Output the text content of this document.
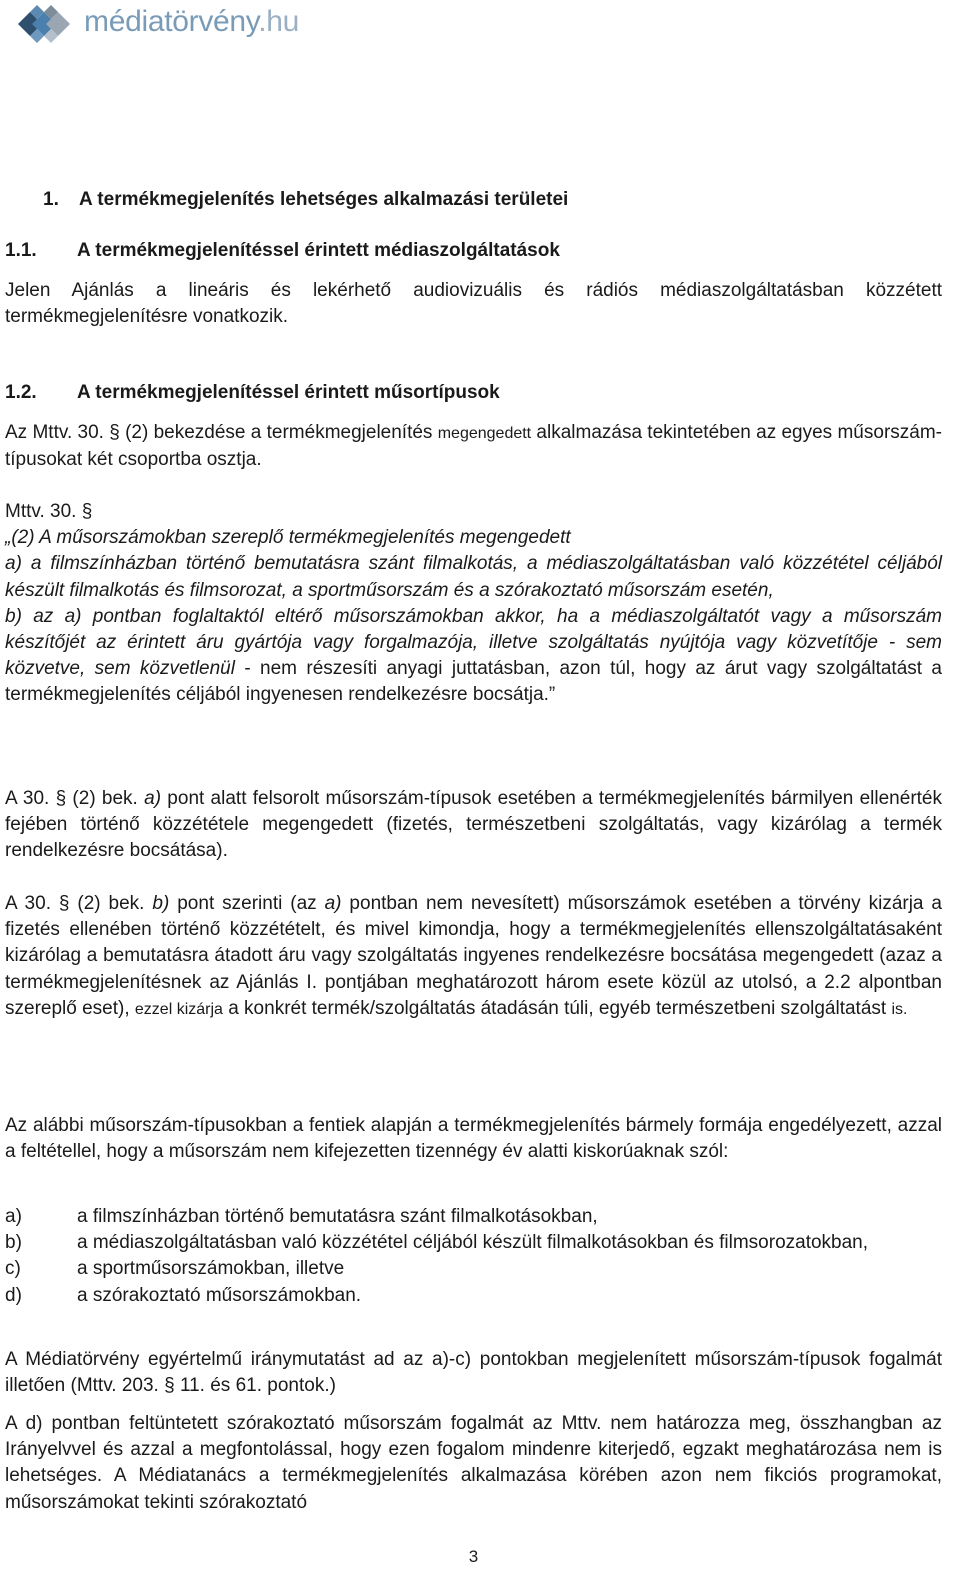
médiatörvény.hu
1. A termékmegjelenítés lehetséges alkalmazási területei
1.1. A termékmegjelenítéssel érintett médiaszolgáltatások

Jelen Ajánlás a lineáris és lekérhető audiovizuális és rádiós médiaszolgáltatásban közzétett termékmegjelenítésre vonatkozik.

1.2. A termékmegjelenítéssel érintett műsortípusok

Az Mttv. 30. § (2) bekezdése a termékmegjelenítés megengedett alkalmazása tekintetében az egyes műsorszám-típusokat két csoportba osztja.

Mttv. 30. §

„(2) A műsorszámokban szereplő termékmegjelenítés megengedett

a) a filmszínházban történő bemutatásra szánt filmalkotás, a médiaszolgáltatásban való közzététel céljából készült filmalkotás és filmsorozat, a sportműsorszám és a szórakoztató műsorszám esetén,

b) az a) pontban foglaltaktól eltérő műsorszámokban akkor, ha a médiaszolgáltatót vagy a műsorszám készítőjét az érintett áru gyártója vagy forgalmazója, illetve szolgáltatás nyújtója vagy közvetítője - sem közvetve, sem közvetlenül - nem részesíti anyagi juttatásban, azon túl, hogy az árut vagy szolgáltatást a termékmegjelenítés céljából ingyenesen rendelkezésre bocsátja.”

A 30. § (2) bek. a) pont alatt felsorolt műsorszám-típusok esetében a termékmegjelenítés bármilyen ellenérték fejében történő közzététele megengedett (fizetés, természetbeni szolgáltatás, vagy kizárólag a termék rendelkezésre bocsátása).

A 30. § (2) bek. b) pont szerinti (az a) pontban nem nevesített) műsorszámok esetében a törvény kizárja a fizetés ellenében történő közzétételt, és mivel kimondja, hogy a termékmegjelenítés ellenszolgáltatásaként kizárólag a bemutatásra átadott áru vagy szolgáltatás ingyenes rendelkezésre bocsátása megengedett (azaz a termékmegjelenítésnek az Ajánlás I. pontjában meghatározott három esete közül az utolsó, a 2.2 alpontban szereplő eset), ezzel kizárja a konkrét termék/szolgáltatás átadásán túli, egyéb természetbeni szolgáltatást is.

Az alábbi műsorszám-típusokban a fentiek alapján a termékmegjelenítés bármely formája engedélyezett, azzal a feltétellel, hogy a műsorszám nem kifejezetten tizennégy év alatti kiskorúaknak szól:

a)	a filmszínházban történő bemutatásra szánt filmalkotásokban,
b)	a médiaszolgáltatásban való közzététel céljából készült filmalkotásokban és filmsorozatokban,
c)	a sportműsorszámokban, illetve
d)	a szórakoztató műsorszámokban.

A Médiatörvény egyértelmű iránymutatást ad az a)-c) pontokban megjelenített műsorszám-típusok fogalmát illetően (Mttv. 203. § 11. és 61. pontok.)

A d) pontban feltüntetett szórakoztató műsorszám fogalmát az Mttv. nem határozza meg, összhangban az Irányelvvel és azzal a megfontolással, hogy ezen fogalom mindenre kiterjedő, egzakt meghatározása nem is lehetséges. A Médiatanács a termékmegjelenítés alkalmazása körében azon nem fikciós programokat, műsorszámokat tekinti szórakoztató

3
